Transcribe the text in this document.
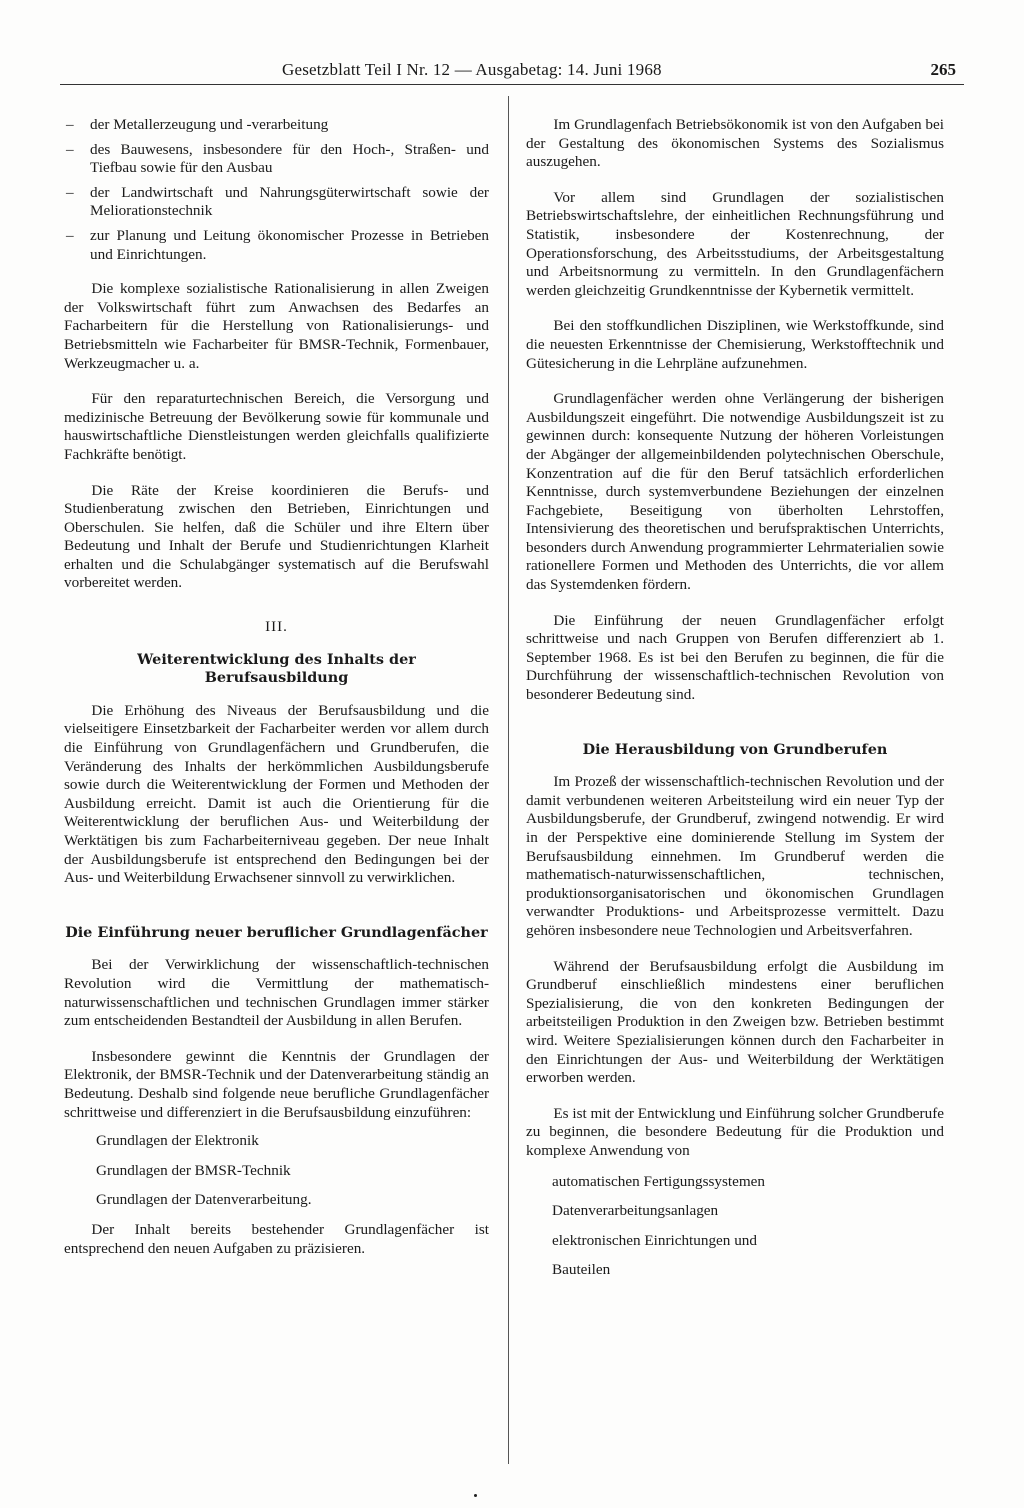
Gesetzblatt Teil I Nr. 12 — Ausgabetag: 14. Juni 1968	265
– der Metallerzeugung und -verarbeitung
– des Bauwesens, insbesondere für den Hoch-, Straßen- und Tiefbau sowie für den Ausbau
– der Landwirtschaft und Nahrungsgüterwirtschaft sowie der Meliorationstechnik
– zur Planung und Leitung ökonomischer Prozesse in Betrieben und Einrichtungen.

Die komplexe sozialistische Rationalisierung in allen Zweigen der Volkswirtschaft führt zum Anwachsen des Bedarfes an Facharbeitern für die Herstellung von Rationalisierungs- und Betriebsmitteln wie Facharbeiter für BMSR-Technik, Formenbauer, Werkzeugmacher u. a.

Für den reparaturtechnischen Bereich, die Versorgung und medizinische Betreuung der Bevölkerung sowie für kommunale und hauswirtschaftliche Dienstleistungen werden gleichfalls qualifizierte Fachkräfte benötigt.

Die Räte der Kreise koordinieren die Berufs- und Studienberatung zwischen den Betrieben, Einrichtungen und Oberschulen. Sie helfen, daß die Schüler und ihre Eltern über Bedeutung und Inhalt der Berufe und Studienrichtungen Klarheit erhalten und die Schulabgänger systematisch auf die Berufswahl vorbereitet werden.

III.
Weiterentwicklung des Inhalts der Berufsausbildung

Die Erhöhung des Niveaus der Berufsausbildung und die vielseitigere Einsetzbarkeit der Facharbeiter werden vor allem durch die Einführung von Grundlagenfächern und Grundberufen, die Veränderung des Inhalts der herkömmlichen Ausbildungsberufe sowie durch die Weiterentwicklung der Formen und Methoden der Ausbildung erreicht. Damit ist auch die Orientierung für die Weiterentwicklung der beruflichen Aus- und Weiterbildung der Werktätigen bis zum Facharbeiterniveau gegeben. Der neue Inhalt der Ausbildungsberufe ist entsprechend den Bedingungen bei der Aus- und Weiterbildung Erwachsener sinnvoll zu verwirklichen.

Die Einführung neuer beruflicher Grundlagenfächer

Bei der Verwirklichung der wissenschaftlich-technischen Revolution wird die Vermittlung der mathematisch-naturwissenschaftlichen und technischen Grundlagen immer stärker zum entscheidenden Bestandteil der Ausbildung in allen Berufen.

Insbesondere gewinnt die Kenntnis der Grundlagen der Elektronik, der BMSR-Technik und der Datenverarbeitung ständig an Bedeutung. Deshalb sind folgende neue berufliche Grundlagenfächer schrittweise und differenziert in die Berufsausbildung einzuführen:

Grundlagen der Elektronik
Grundlagen der BMSR-Technik
Grundlagen der Datenverarbeitung.

Der Inhalt bereits bestehender Grundlagenfächer ist entsprechend den neuen Aufgaben zu präzisieren.

Im Grundlagenfach Betriebsökonomik ist von den Aufgaben bei der Gestaltung des ökonomischen Systems des Sozialismus auszugehen.

Vor allem sind Grundlagen der sozialistischen Betriebswirtschaftslehre, der einheitlichen Rechnungsführung und Statistik, insbesondere der Kostenrechnung, der Operationsforschung, des Arbeitsstudiums, der Arbeitsgestaltung und Arbeitsnormung zu vermitteln. In den Grundlagenfächern werden gleichzeitig Grundkenntnisse der Kybernetik vermittelt.

Bei den stoffkundlichen Disziplinen, wie Werkstoffkunde, sind die neuesten Erkenntnisse der Chemisierung, Werkstofftechnik und Gütesicherung in die Lehrpläne aufzunehmen.

Grundlagenfächer werden ohne Verlängerung der bisherigen Ausbildungszeit eingeführt. Die notwendige Ausbildungszeit ist zu gewinnen durch: konsequente Nutzung der höheren Vorleistungen der Abgänger der allgemeinbildenden polytechnischen Oberschule, Konzentration auf die für den Beruf tatsächlich erforderlichen Kenntnisse, durch systemverbundene Beziehungen der einzelnen Fachgebiete, Beseitigung von überholten Lehrstoffen, Intensivierung des theoretischen und berufspraktischen Unterrichts, besonders durch Anwendung programmierter Lehrmaterialien sowie rationellere Formen und Methoden des Unterrichts, die vor allem das Systemdenken fördern.

Die Einführung der neuen Grundlagenfächer erfolgt schrittweise und nach Gruppen von Berufen differenziert ab 1. September 1968. Es ist bei den Berufen zu beginnen, die für die Durchführung der wissenschaftlich-technischen Revolution von besonderer Bedeutung sind.

Die Herausbildung von Grundberufen

Im Prozeß der wissenschaftlich-technischen Revolution und der damit verbundenen weiteren Arbeitsteilung wird ein neuer Typ der Ausbildungsberufe, der Grundberuf, zwingend notwendig. Er wird in der Perspektive eine dominierende Stellung im System der Berufsausbildung einnehmen. Im Grundberuf werden die mathematisch-naturwissenschaftlichen, technischen, produktionsorganisatorischen und ökonomischen Grundlagen verwandter Produktions- und Arbeitsprozesse vermittelt. Dazu gehören insbesondere neue Technologien und Arbeitsverfahren.

Während der Berufsausbildung erfolgt die Ausbildung im Grundberuf einschließlich mindestens einer beruflichen Spezialisierung, die von den konkreten Bedingungen der arbeitsteiligen Produktion in den Zweigen bzw. Betrieben bestimmt wird. Weitere Spezialisierungen können durch den Facharbeiter in den Einrichtungen der Aus- und Weiterbildung der Werktätigen erworben werden.

Es ist mit der Entwicklung und Einführung solcher Grundberufe zu beginnen, die besondere Bedeutung für die Produktion und komplexe Anwendung von

automatischen Fertigungssystemen
Datenverarbeitungsanlagen
elektronischen Einrichtungen und
Bauteilen
